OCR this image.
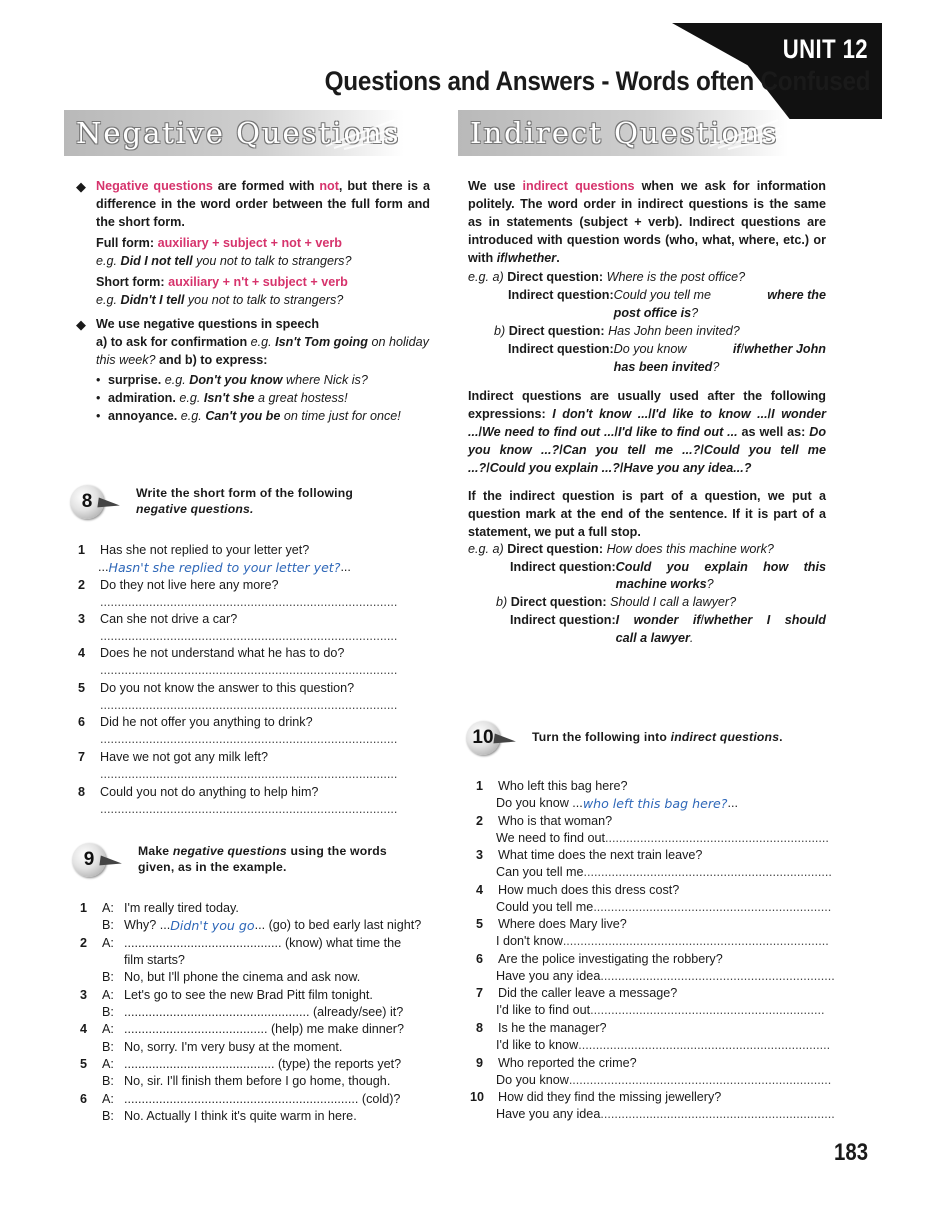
UNIT 12
Questions and Answers - Words often Confused
Negative Questions Indirect Questions
◆ Negative questions are formed with not, but there is a difference in the word order between the full form and the short form.
Full form: auxiliary + subject + not + verb
e.g. Did I not tell you not to talk to strangers?
Short form: auxiliary + n't + subject + verb
e.g. Didn't I tell you not to talk to strangers?
◆ We use negative questions in speech
a) to ask for confirmation e.g. Isn't Tom going on holiday this week? and b) to express:
• surprise. e.g. Don't you know where Nick is?
• admiration. e.g. Isn't she a great hostess!
• annoyance. e.g. Can't you be on time just for once!
8	Write the short form of the following
negative questions.
1	Has she not replied to your letter yet?
... Hasn't she replied to your letter yet? ...
2	Do they not live here any more?
.....................................................................................
3	Can she not drive a car?
.....................................................................................
4	Does he not understand what he has to do?
.....................................................................................
5	Do you not know the answer to this question?
.....................................................................................
6	Did he not offer you anything to drink?
.....................................................................................
7	Have we not got any milk left?
.....................................................................................
8	Could you not do anything to help him?
.....................................................................................
9	Make negative questions using the words
given, as in the example.
1	A: I'm really tired today.
B: Why? ... Didn't you go ... (go) to bed early last night?
2	A: ............................................. (know) what time the
film starts?
B: No, but I'll phone the cinema and ask now.
3	A: Let's go to see the new Brad Pitt film tonight.
B: ..................................................... (already/see) it?
4	A: ......................................... (help) me make dinner?
B: No, sorry. I'm very busy at the moment.
5	A: ........................................... (type) the reports yet?
B: No, sir. I'll finish them before I go home, though.
6	A: ................................................................... (cold)?
B: No. Actually I think it's quite warm in here.
We use indirect questions when we ask for information politely. The word order in indirect questions is the same as in statements (subject + verb). Indirect questions are introduced with question words (who, what, where, etc.) or with if/whether.
e.g. a) Direct question: Where is the post office?
Indirect question: Could you tell me	where the
post office is?
b) Direct question: Has John been invited?
Indirect question: Do you know	if/whether John
has been invited?
Indirect questions are usually used after the following expressions: I don't know .../I'd like to know .../I wonder .../We need to find out .../I'd like to find out ... as well as: Do you know ...?/Can you tell me ...?/Could you tell me ...?/Could you explain ...?/Have you any idea...?
If the indirect question is part of a question, we put a question mark at the end of the sentence. If it is part of a statement, we put a full stop.
e.g. a) Direct question: How does this machine work?
Indirect question: Could you explain how this
machine works?
b) Direct question: Should I call a lawyer?
Indirect question: I wonder if/whether I should
call a lawyer.
10	Turn the following into indirect questions.
1	Who left this bag here?
Do you know ... who left this bag here? ...
2	Who is that woman?
We need to find out ................................................................
3	What time does the next train leave?
Can you tell me .......................................................................
4	How much does this dress cost?
Could you tell me ....................................................................
5	Where does Mary live?
I don't know ............................................................................
6	Are the police investigating the robbery?
Have you any idea ...................................................................
7	Did the caller leave a message?
I'd like to find out ...................................................................
8	Is he the manager?
I'd like to know ........................................................................
9	Who reported the crime?
Do you know ...........................................................................
10	How did they find the missing jewellery?
Have you any idea ...................................................................
183
